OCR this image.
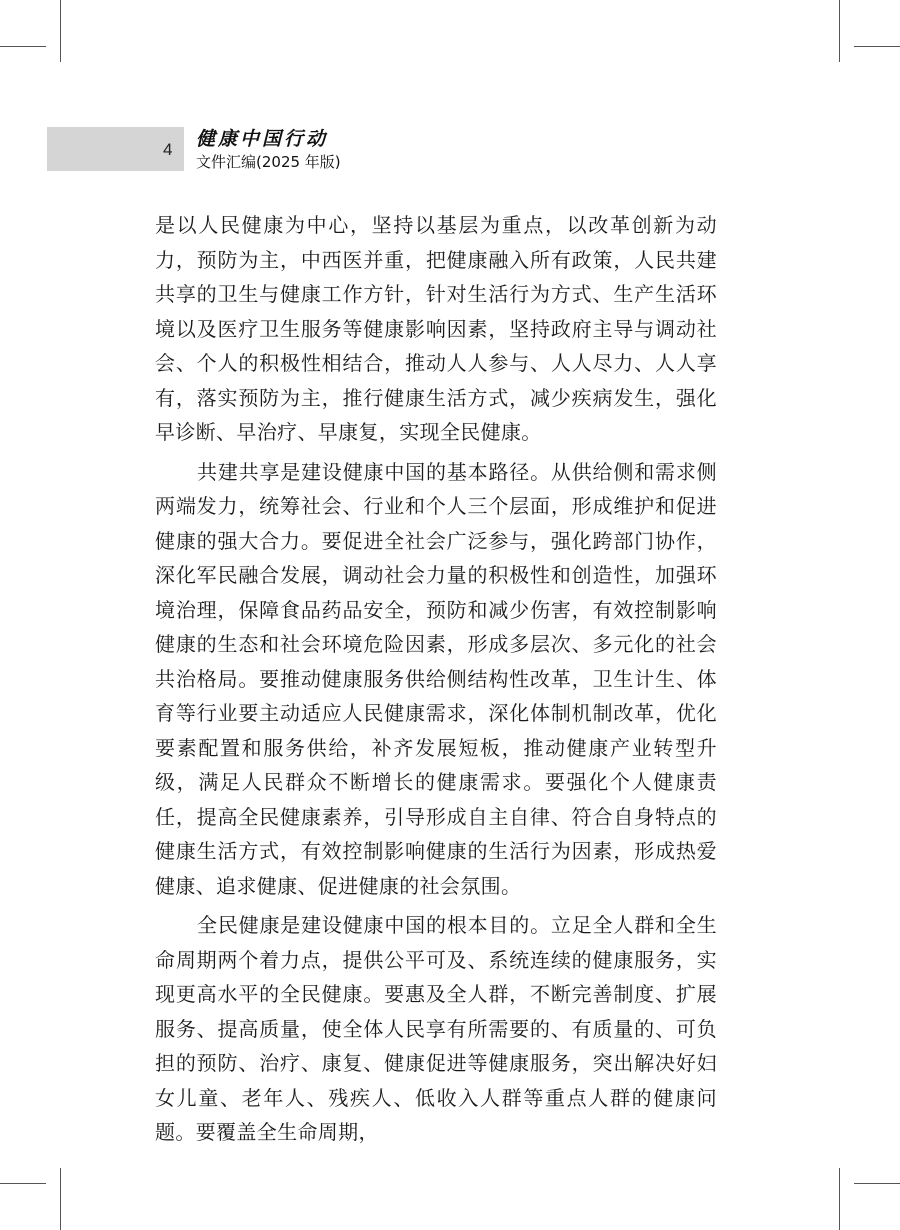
4 健康中国行动
文件汇编(2025 年版)

是以人民健康为中心，坚持以基层为重点，以改革创新为动力，预防为主，中西医并重，把健康融入所有政策，人民共建共享的卫生与健康工作方针，针对生活行为方式、生产生活环境以及医疗卫生服务等健康影响因素，坚持政府主导与调动社会、个人的积极性相结合，推动人人参与、人人尽力、人人享有，落实预防为主，推行健康生活方式，减少疾病发生，强化早诊断、早治疗、早康复，实现全民健康。

共建共享是建设健康中国的基本路径。从供给侧和需求侧两端发力，统筹社会、行业和个人三个层面，形成维护和促进健康的强大合力。要促进全社会广泛参与，强化跨部门协作，深化军民融合发展，调动社会力量的积极性和创造性，加强环境治理，保障食品药品安全，预防和减少伤害，有效控制影响健康的生态和社会环境危险因素，形成多层次、多元化的社会共治格局。要推动健康服务供给侧结构性改革，卫生计生、体育等行业要主动适应人民健康需求，深化体制机制改革，优化要素配置和服务供给，补齐发展短板，推动健康产业转型升级，满足人民群众不断增长的健康需求。要强化个人健康责任，提高全民健康素养，引导形成自主自律、符合自身特点的健康生活方式，有效控制影响健康的生活行为因素，形成热爱健康、追求健康、促进健康的社会氛围。

全民健康是建设健康中国的根本目的。立足全人群和全生命周期两个着力点，提供公平可及、系统连续的健康服务，实现更高水平的全民健康。要惠及全人群，不断完善制度、扩展服务、提高质量，使全体人民享有所需要的、有质量的、可负担的预防、治疗、康复、健康促进等健康服务，突出解决好妇女儿童、老年人、残疾人、低收入人群等重点人群的健康问题。要覆盖全生命周期，
